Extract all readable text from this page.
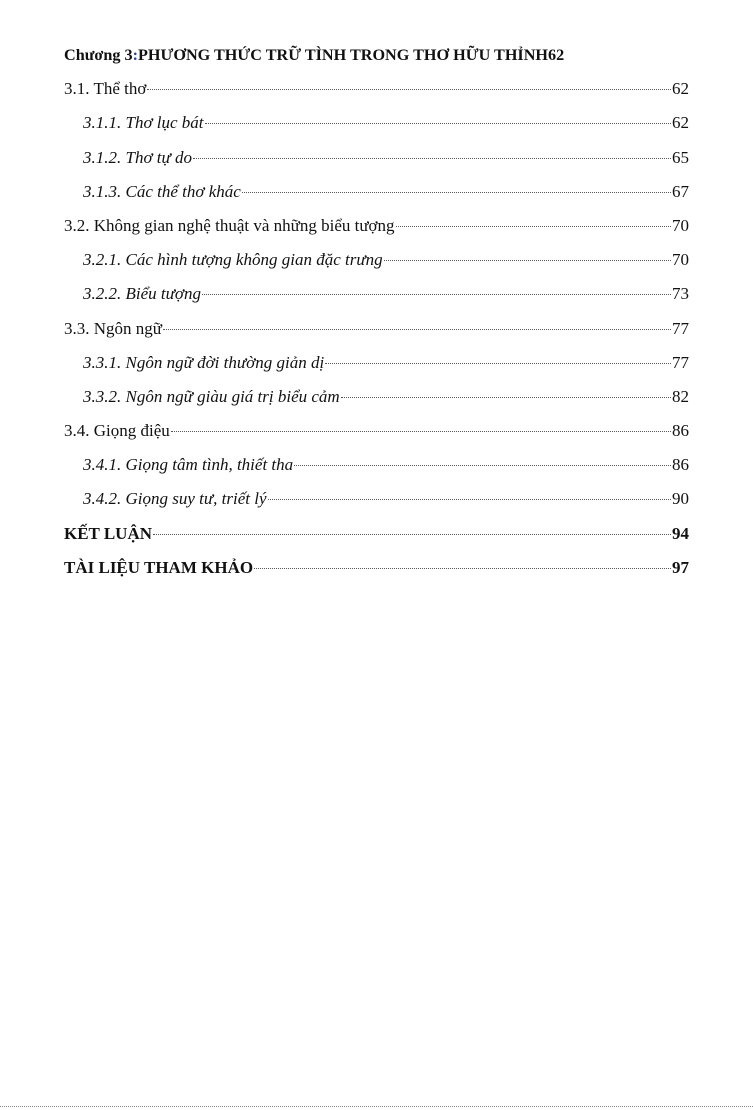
Chương 3 : PHƯƠNG THỨC TRỮ TÌNH TRONG THƠ HỮU THỈNH 62
3.1. Thể thơ	62
3.1.1. Thơ lục bát	62
3.1.2. Thơ tự do	65
3.1.3. Các thể thơ khác	67
3.2. Không gian nghệ thuật và những biểu tượng	70
3.2.1. Các hình tượng không gian đặc trưng	70
3.2.2. Biểu tượng	73
3.3. Ngôn ngữ	77
3.3.1. Ngôn ngữ đời thường giản dị	77
3.3.2. Ngôn ngữ giàu giá trị biểu cảm	82
3.4. Giọng điệu	86
3.4.1. Giọng tâm tình, thiết tha	86
3.4.2. Giọng suy tư, triết lý	90
KẾT LUẬN	94
TÀI LIỆU THAM KHẢO	97
